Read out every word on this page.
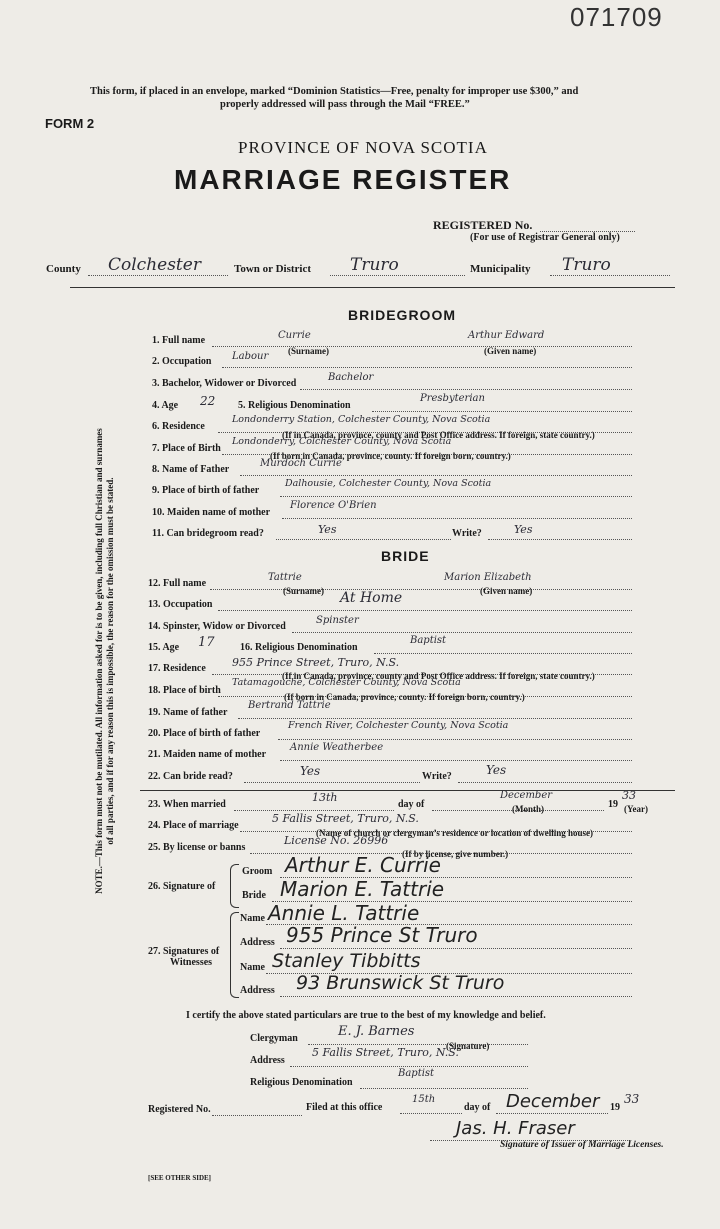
071709
This form, if placed in an envelope, marked “Dominion Statistics—Free, penalty for improper use $300,” and
properly addressed will pass through the Mail “FREE.”
FORM 2
PROVINCE OF NOVA SCOTIA
MARRIAGE REGISTER
REGISTERED No.
(For use of Registrar General only)
County Colchester	Town or District Truro	Municipality Truro
BRIDEGROOM
1. Full name	Currie	Arthur Edward
(Surname)	(Given name)
2. Occupation Labour
3. Bachelor, Widower or Divorced
Bachelor
4. Age 22 5. Religious Denomination
Presbyterian
6. Residence
Londonderry Station, Colchester County, Nova Scotia
(If in Canada, province, county and Post Office address. If foreign, state country.)
7. Place of Birth
Londonderry, Colchester County, Nova Scotia
(If born in Canada, province, county. If foreign born, country.)
8. Name of Father
Murdoch Currie
9. Place of birth of father
Dalhousie, Colchester County, Nova Scotia
10. Maiden name of mother
Florence O'Brien
11. Can bridegroom read?	Yes	Write?	Yes
BRIDE
12. Full name
Tattrie	Marion Elizabeth
(Surname)	(Given name)
13. Occupation	At Home
14. Spinster, Widow or Divorced
Spinster
15. Age 17	16. Religious Denomination
Baptist
17. Residence 955 Prince Street, Truro, N.S.
(If in Canada, province, county and Post Office address. If foreign, state country.)
18. Place of birth
Tatamagouche, Colchester County, Nova Scotia
(If born in Canada, province, county. If foreign born, country.)
19. Name of father
Bertrand Tattrie
20. Place of birth of father
French River, Colchester County, Nova Scotia
21. Maiden name of mother
Annie Weatherbee
22. Can bride read?	Yes	Write?	Yes
23. When married
13th
day of
December
(Month)	19
33
(Year)
24. Place of marriage
5 Fallis Street, Truro, N.S.
(Name of church or clergyman’s residence or location of dwelling house)
25. By license or banns
License No. 26996
(If by license, give number.)
26. Signature of
Groom Arthur E. Currie
Bride Marion E. Tattrie
27. Signatures of
Witnesses
Name Annie L. Tattrie
Address 955 Prince St Truro
Name Stanley Tibbitts
Address 93 Brunswick St Truro
I certify the above stated particulars are true to the best of my knowledge and belief.
Clergyman	E. J. Barnes
(Signature)
Address
5 Fallis Street, Truro, N.S.
Religious Denomination
Baptist
Registered No.	Filed at this office
15th
day of December 19
33
Jas. H. Fraser
Signature of Issuer of Marriage Licenses.
[SEE OTHER SIDE]
NOTE.—This form must not be mutilated. All information asked for is to be given, including full Christian and surnames of all parties, and if for any reason this is impossible, the reason for the omission must be stated.
